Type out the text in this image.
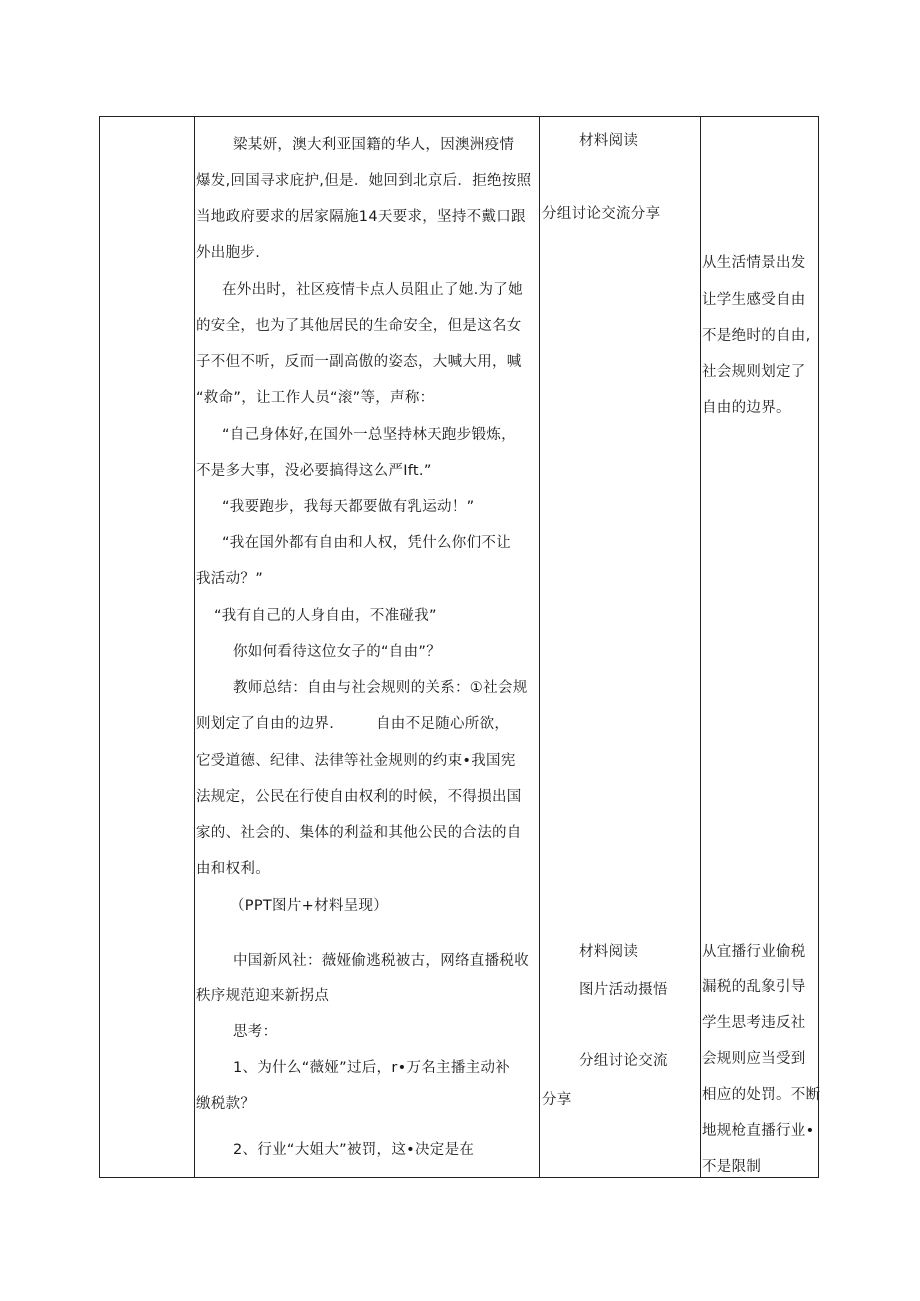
梁某妍，澳大利亚国籍的华人，因澳洲疫情
爆发,回国寻求庇护,但是．她回到北京后．拒绝按照
当地政府要求的居家隔施14天要求，坚持不戴口跟
外出胞步.
在外出时，社区疫情卡点人员阻止了她.为了她
的安全，也为了其他居民的生命安全，但是这名女
子不但不听，反而一副高傲的姿态，大喊大用，喊
“救命”，让工作人员“滚”等，声称：
“自己身体好,在国外一总坚持林天跑步锻炼，
不是多大事，没必要搞得这么严Ift.”
“我要跑步，我每天都要做有乳运动！”
“我在国外都有自由和人权，凭什么你们不让
我活动？”
“我有自己的人身自由，不准碰我”
你如何看待这位女子的“自由”？
教师总结：自由与社会规则的关系：①社会规
则划定了自由的边界.	自由不足随心所欲，
它受道德、纪律、法律等社金规则的约束•我国宪
法规定，公民在行使自由权利的时候，不得损出国
家的、社会的、集体的利益和其他公民的合法的自
由和权利。
（PPT图片+材料呈现）
中国新风社：薇娅偷逃税被古，网络直播税收
秩序规范迎来新拐点
思考：
1、为什么“薇娅”过后，r•万名主播主动补
缴税款？
2、行业“大姐大”被罚，这•决定是在
材料阅读
分组讨论交流分享
材料阅读
图片活动摄悟
分组讨论交流
分享
从生活情景出发
让学生感受自由
不是绝时的自由,
社会规则划定了
自由的边界。
从宜播行业偷税
漏税的乱象引导
学生思考违反社
会规则应当受到
相应的处罚。不断
地规枪直播行业•
不是限制
